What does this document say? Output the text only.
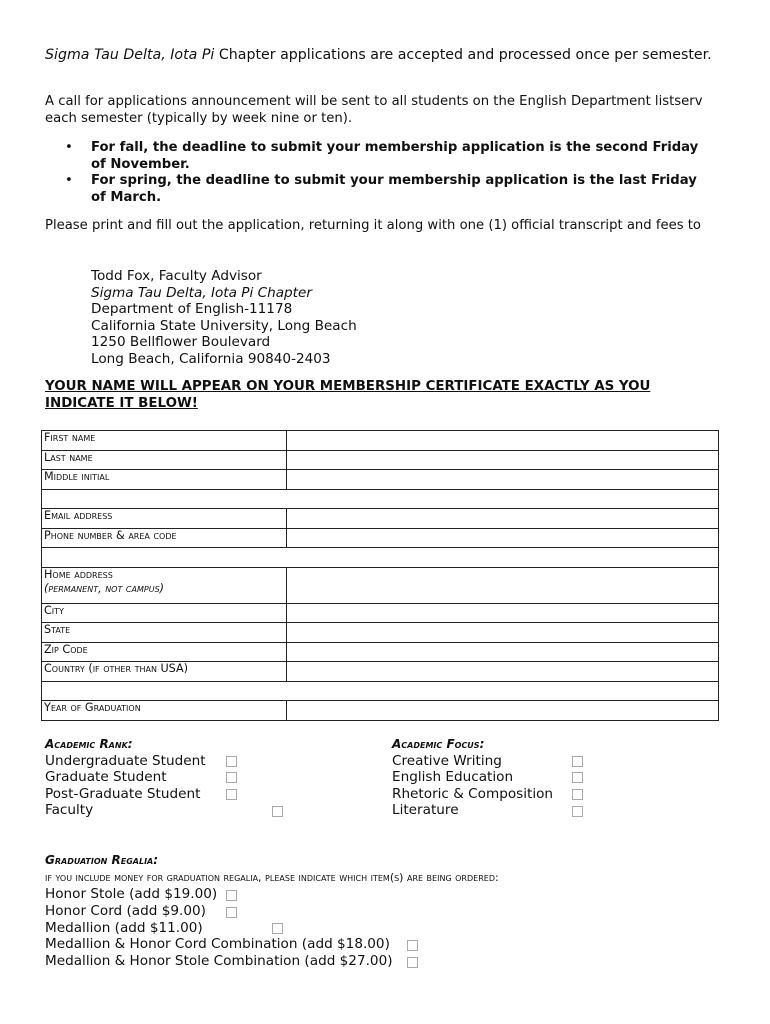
Sigma Tau Delta, Iota Pi Chapter applications are accepted and processed once per semester.
A call for applications announcement will be sent to all students on the English Department listserv each semester (typically by week nine or ten).
• For fall, the deadline to submit your membership application is the second Friday of November.
• For spring, the deadline to submit your membership application is the last Friday of March.
Please print and fill out the application, returning it along with one (1) official transcript and fees to
Todd Fox, Faculty Advisor
Sigma Tau Delta, Iota Pi Chapter
Department of English-11178
California State University, Long Beach
1250 Bellflower Boulevard
Long Beach, California 90840-2403
YOUR NAME WILL APPEAR ON YOUR MEMBERSHIP CERTIFICATE EXACTLY AS YOU INDICATE IT BELOW!
First name	
Last name	
Middle initial	

Email address	
Phone number & area code	

Home address
(permanent, not campus)	

City	
State	
Zip Code	
Country (if other than USA)	

Year of Graduation	
Academic Rank:
Undergraduate Student
Graduate Student
Post-Graduate Student
Faculty
Academic Focus:
Creative Writing
English Education
Rhetoric & Composition
Literature
Graduation Regalia:
if you include money for graduation regalia, please indicate which item(s) are being ordered:
Honor Stole (add $19.00)
Honor Cord (add $9.00)
Medallion (add $11.00)
Medallion & Honor Cord Combination (add $18.00)
Medallion & Honor Stole Combination (add $27.00)
